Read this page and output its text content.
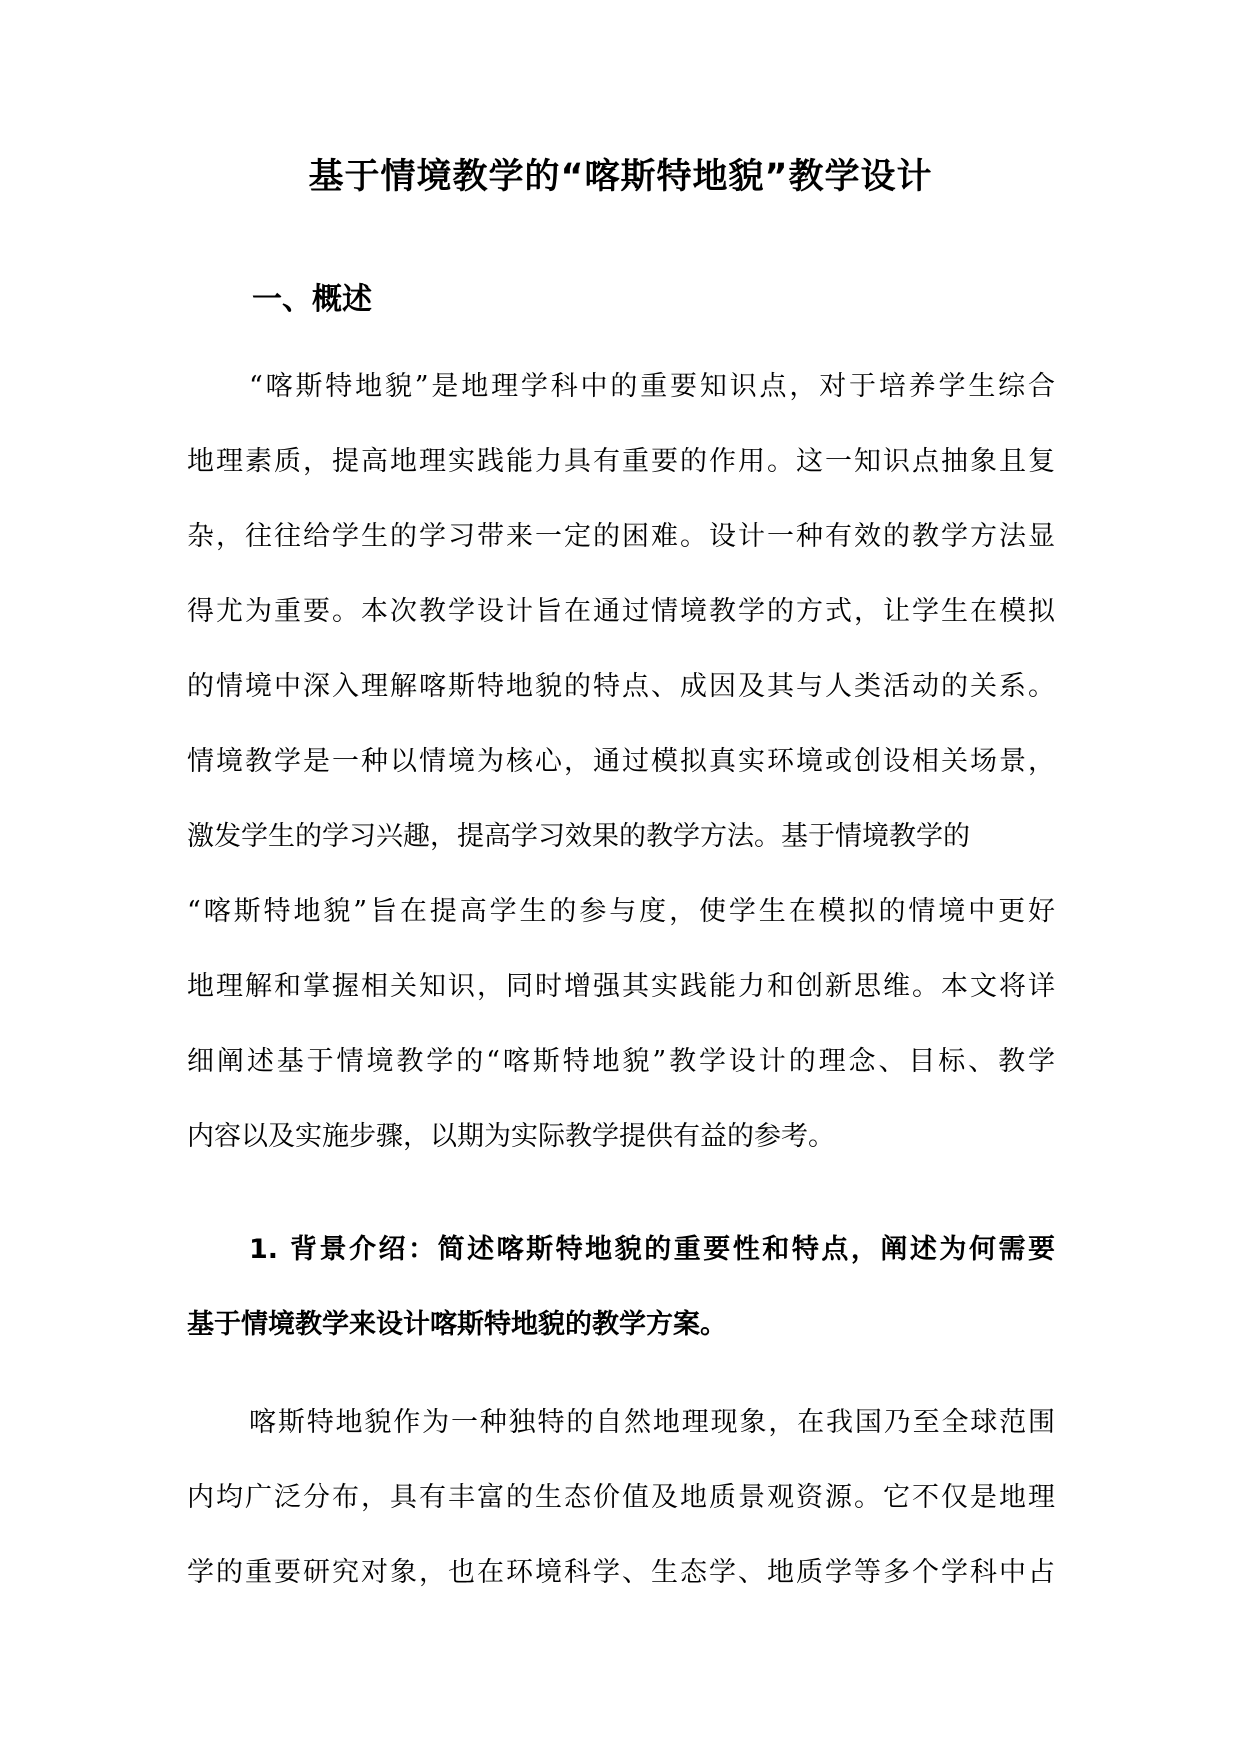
基于情境教学的“喀斯特地貌”教学设计
一、概述
“喀斯特地貌”是地理学科中的重要知识点，对于培养学生综合
地理素质，提高地理实践能力具有重要的作用。这一知识点抽象且复
杂，往往给学生的学习带来一定的困难。设计一种有效的教学方法显
得尤为重要。本次教学设计旨在通过情境教学的方式，让学生在模拟
的情境中深入理解喀斯特地貌的特点、成因及其与人类活动的关系。
情境教学是一种以情境为核心，通过模拟真实环境或创设相关场景，
激发学生的学习兴趣，提高学习效果的教学方法。基于情境教学的
“喀斯特地貌”旨在提高学生的参与度，使学生在模拟的情境中更好
地理解和掌握相关知识，同时增强其实践能力和创新思维。本文将详
细阐述基于情境教学的“喀斯特地貌”教学设计的理念、目标、教学
内容以及实施步骤，以期为实际教学提供有益的参考。
1. 背景介绍：简述喀斯特地貌的重要性和特点，阐述为何需要
基于情境教学来设计喀斯特地貌的教学方案。
喀斯特地貌作为一种独特的自然地理现象，在我国乃至全球范围
内均广泛分布，具有丰富的生态价值及地质景观资源。它不仅是地理
学的重要研究对象，也在环境科学、生态学、地质学等多个学科中占
